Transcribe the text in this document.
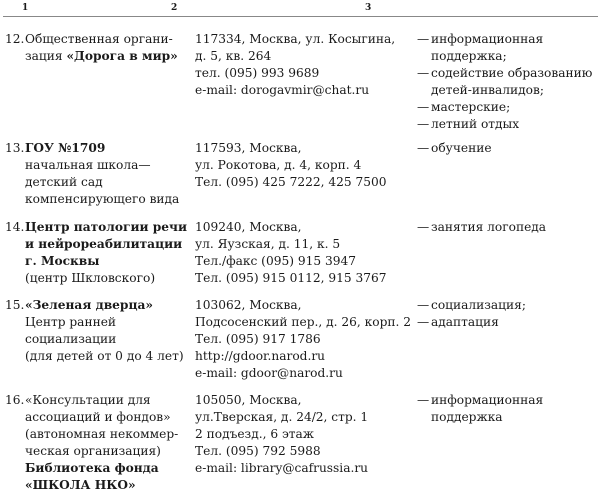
1	2	3
12. Общественная органи-
зация «Дорога в мир»
117334, Москва, ул. Косыгина,
д. 5, кв. 264
тел. (095) 993 9689
e-mail: dorogavmir@chat.ru
— информационная
поддержка;
— содействие образованию
детей-инвалидов;
— мастерские;
— летний отдых
13. ГОУ №1709
начальная школа—
детский сад
компенсирующего вида
117593, Москва,
ул. Рокотова, д. 4, корп. 4
Тел. (095) 425 7222, 425 7500
— обучение
14. Центр патологии речи
и нейрореабилитации
г. Москвы
(центр Шкловского)
109240, Москва,
ул. Яузская, д. 11, к. 5
Тел./факс (095) 915 3947
Тел. (095) 915 0112, 915 3767
— занятия логопеда
15. «Зеленая дверца»
Центр ранней
социализации
(для детей от 0 до 4 лет)
103062, Москва,
Подсосенский пер., д. 26, корп. 2
Тел. (095) 917 1786
http://gdoor.narod.ru
e-mail: gdoor@narod.ru
— социализация;
— адаптация
16. «Консультации для
ассоциаций и фондов»
(автономная некоммер-
ческая организация)
Библиотека фонда
«ШКОЛА НКО»
105050, Москва,
ул.Тверская, д. 24/2, стр. 1
2 подъезд., 6 этаж
Тел. (095) 792 5988
e-mail: library@cafrussia.ru
— информационная
поддержка
